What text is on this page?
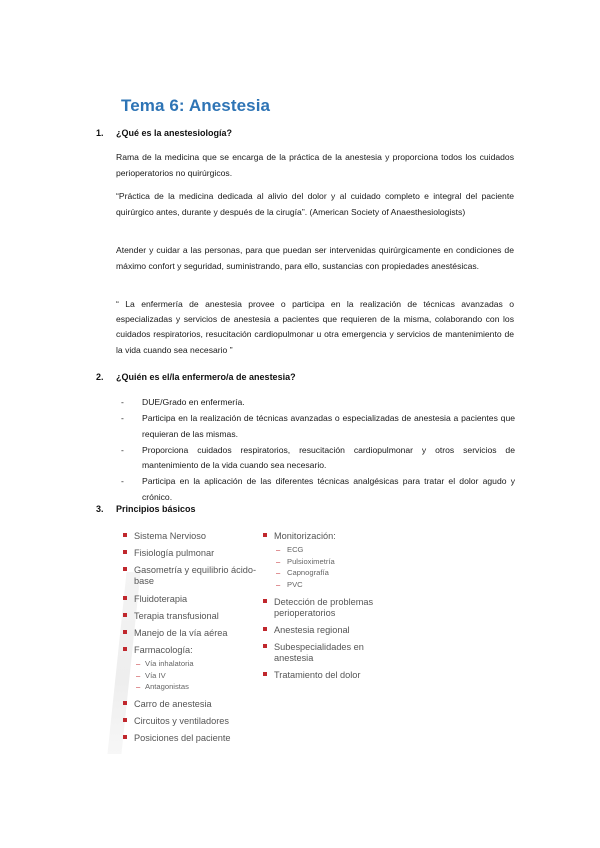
Tema 6: Anestesia
1. ¿Qué es la anestesiología?

Rama de la medicina que se encarga de la práctica de la anestesia y proporciona todos los cuidados perioperatorios no quirúrgicos.

“Práctica de la medicina dedicada al alivio del dolor y al cuidado completo e integral del paciente quirúrgico antes, durante y después de la cirugía”. (American Society of Anaesthesiologists)

Atender y cuidar a las personas, para que puedan ser intervenidas quirúrgicamente en condiciones de máximo confort y seguridad, suministrando, para ello, sustancias con propiedades anestésicas.

“ La enfermería de anestesia provee o participa en la realización de técnicas avanzadas o especializadas y servicios de anestesia a pacientes que requieren de la misma, colaborando con los cuidados respiratorios, resucitación cardiopulmonar u otra emergencia y servicios de mantenimiento de la vida cuando sea necesario ”

2. ¿Quién es el/la enfermero/a de anestesia?
- DUE/Grado en enfermería.
- Participa en la realización de técnicas avanzadas o especializadas de anestesia a pacientes que requieran de las mismas.
- Proporciona cuidados respiratorios, resucitación cardiopulmonar y otros servicios de mantenimiento de la vida cuando sea necesario.
- Participa en la aplicación de las diferentes técnicas analgésicas para tratar el dolor agudo y crónico.
3. Principios básicos
Sistema Nervioso
Fisiología pulmonar
Gasometría y equilibrio ácido-base
Fluidoterapia
Terapia transfusional
Manejo de la vía aérea
Farmacología:
– Vía inhalatoria
– Vía IV
– Antagonistas
Carro de anestesia
Circuitos y ventiladores
Posiciones del paciente
Monitorización:
– ECG
– Pulsioximetría
– Capnografía
– PVC
Detección de problemas perioperatorios
Anestesia regional
Subespecialidades en anestesia
Tratamiento del dolor
